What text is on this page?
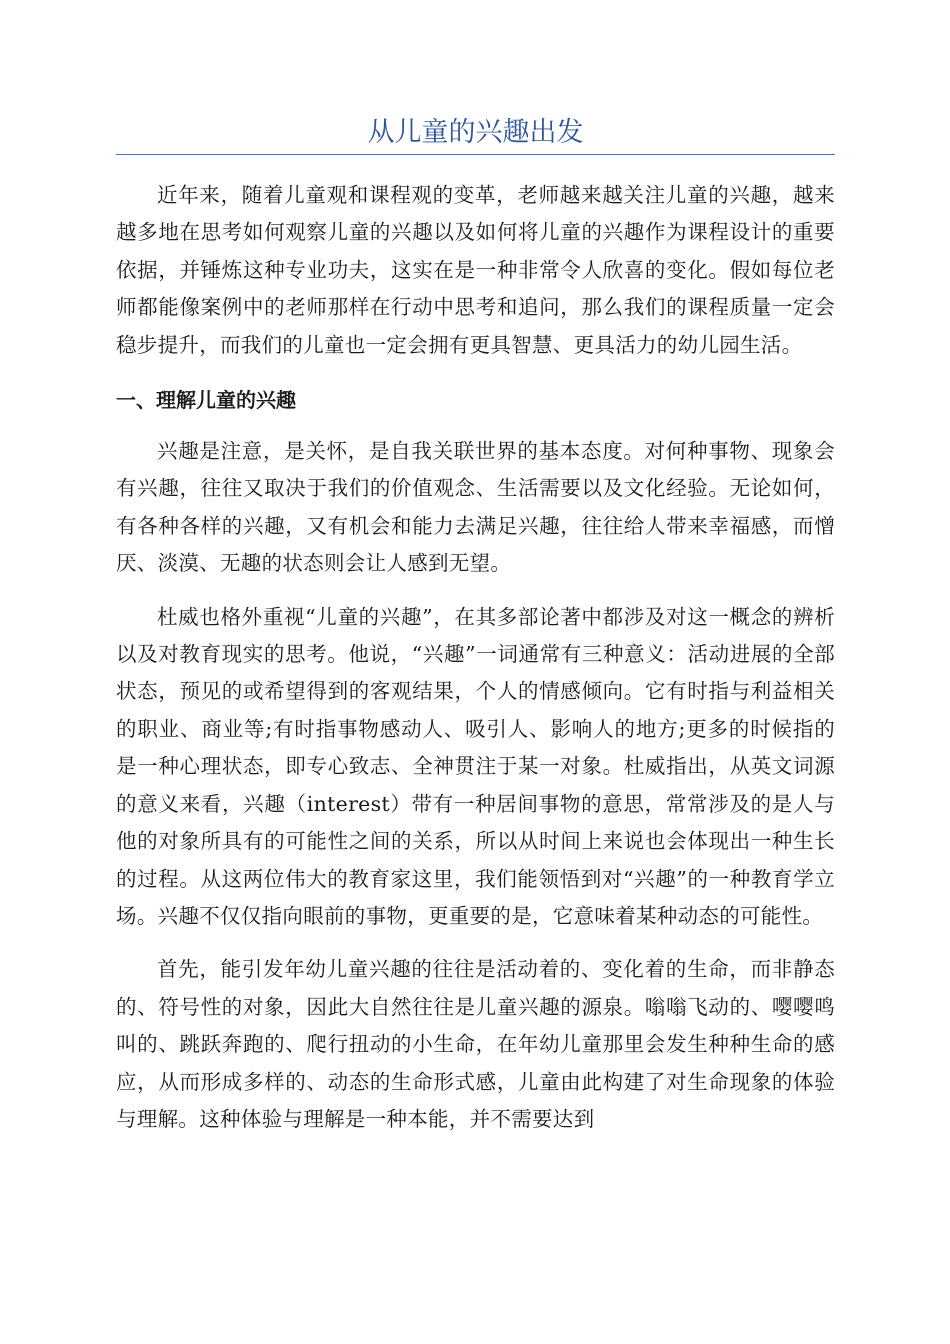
从儿童的兴趣出发

近年来，随着儿童观和课程观的变革，老师越来越关注儿童的兴趣，越来越多地在思考如何观察儿童的兴趣以及如何将儿童的兴趣作为课程设计的重要依据，并锤炼这种专业功夫，这实在是一种非常令人欣喜的变化。假如每位老师都能像案例中的老师那样在行动中思考和追问，那么我们的课程质量一定会稳步提升，而我们的儿童也一定会拥有更具智慧、更具活力的幼儿园生活。

一、理解儿童的兴趣

兴趣是注意，是关怀，是自我关联世界的基本态度。对何种事物、现象会有兴趣，往往又取决于我们的价值观念、生活需要以及文化经验。无论如何，有各种各样的兴趣，又有机会和能力去满足兴趣，往往给人带来幸福感，而憎厌、淡漠、无趣的状态则会让人感到无望。

杜威也格外重视“儿童的兴趣”，在其多部论著中都涉及对这一概念的辨析以及对教育现实的思考。他说，“兴趣”一词通常有三种意义：活动进展的全部状态，预见的或希望得到的客观结果，个人的情感倾向。它有时指与利益相关的职业、商业等;有时指事物感动人、吸引人、影响人的地方;更多的时候指的是一种心理状态，即专心致志、全神贯注于某一对象。杜威指出，从英文词源的意义来看，兴趣（interest）带有一种居间事物的意思，常常涉及的是人与他的对象所具有的可能性之间的关系，所以从时间上来说也会体现出一种生长的过程。从这两位伟大的教育家这里，我们能领悟到对“兴趣”的一种教育学立场。兴趣不仅仅指向眼前的事物，更重要的是，它意味着某种动态的可能性。

首先，能引发年幼儿童兴趣的往往是活动着的、变化着的生命，而非静态的、符号性的对象，因此大自然往往是儿童兴趣的源泉。嗡嗡飞动的、嘤嘤鸣叫的、跳跃奔跑的、爬行扭动的小生命，在年幼儿童那里会发生种种生命的感应，从而形成多样的、动态的生命形式感，儿童由此构建了对生命现象的体验与理解。这种体验与理解是一种本能，并不需要达到
